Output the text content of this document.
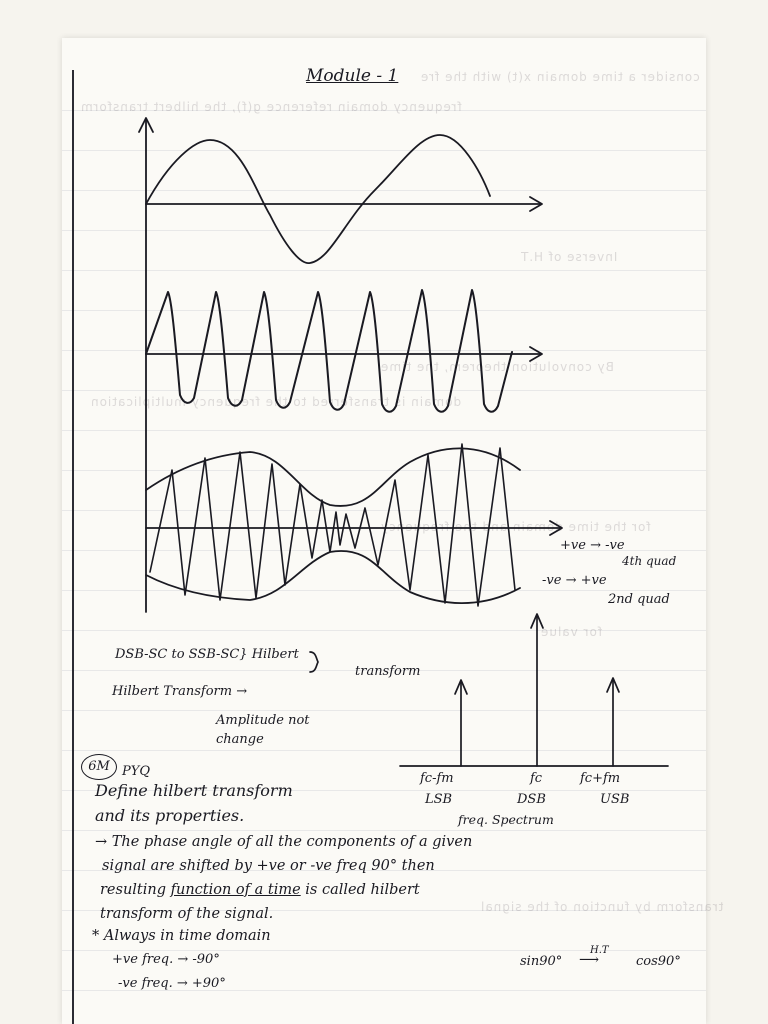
consider a time domain x(t) with the fre
frequency domain reference g(f), the hilbert transform
Inverse of H.T
By convolution theorem, the time
domain is transferred to the frequency multiplication
for the time domain and the frequency
for value
transform by function of the signal
Module - 1
+ve → -ve
4th quad
-ve → +ve
2nd quad
DSB-SC to SSB-SC} Hilbert
transform
Hilbert Transform →
Amplitude not
change
fc-fm	fc	fc+fm
LSB	DSB	USB
freq. Spectrum
6M PYQ
Define hilbert transform
and its properties.
→ The phase angle of all the components of a given
signal are shifted by +ve or -ve freq 90° then
resulting function of a time is called hilbert
transform of the signal.
* Always in time domain
+ve freq. → -90°
-ve freq. → +90°
sin90°
H.T
⟶	cos90°
